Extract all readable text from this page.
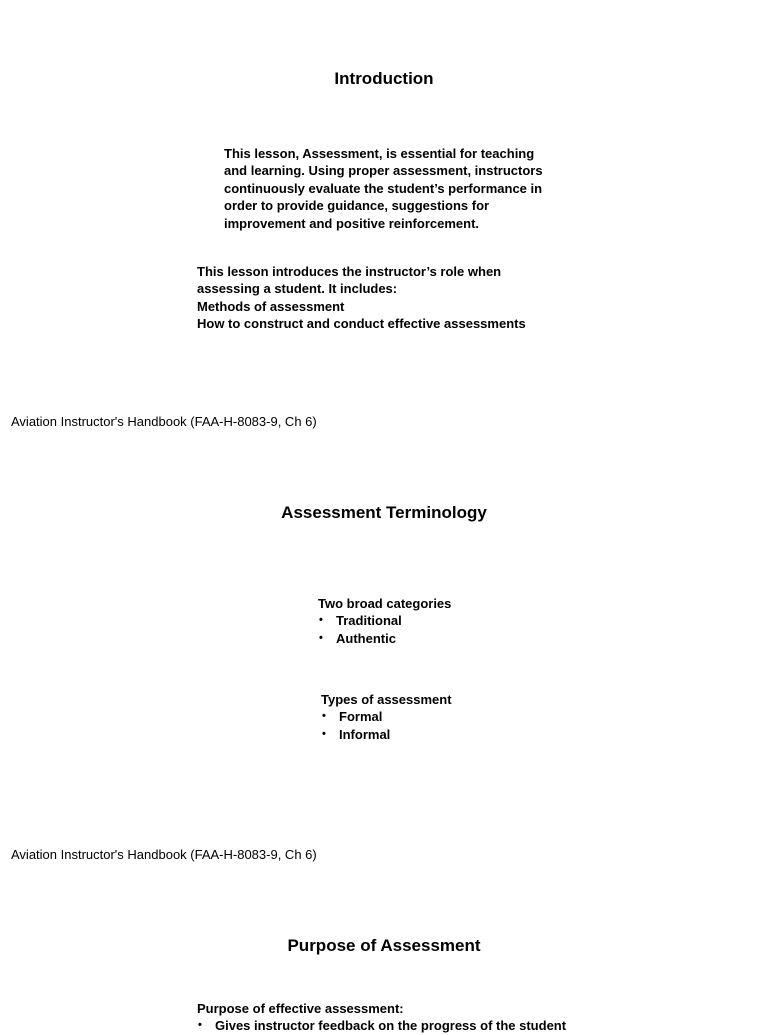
Introduction

This lesson, Assessment, is essential for teaching and learning. Using proper assessment, instructors continuously evaluate the student’s performance in order to provide guidance, suggestions for improvement and positive reinforcement.

This lesson introduces the instructor’s role when assessing a student. It includes:

Methods of assessment

How to construct and conduct effective assessments

Aviation Instructor's Handbook (FAA-H-8083-9, Ch 6)

Assessment Terminology

Two broad categories

• Traditional
• Authentic

Types of assessment

• Formal
• Informal

Aviation Instructor's Handbook (FAA-H-8083-9, Ch 6)

Purpose of Assessment

Purpose of effective assessment:

• Gives instructor feedback on the progress of the student
